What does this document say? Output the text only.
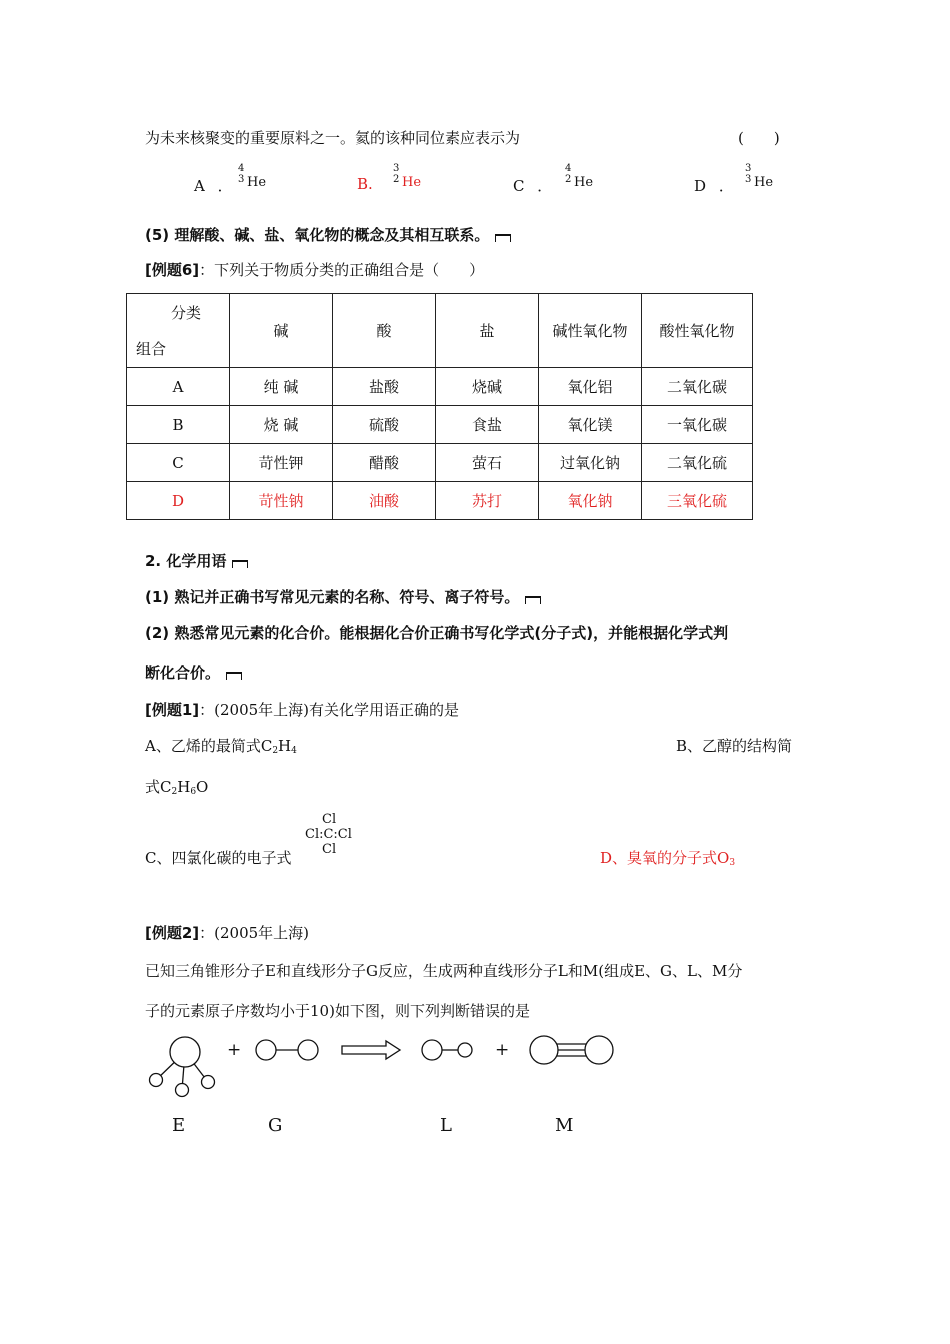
为未来核聚变的重要原料之一。氦的该种同位素应表示为	(　　)
A ．
4
3 He	B.
3
2 He	C ．
4
2 He	D ．
3
3 He
(5) 理解酸、碱、盐、氧化物的概念及其相互联系。
[例题6]：下列关于物质分类的正确组合是（　　）
分类
组合	碱	酸	盐	碱性氧化物	酸性氧化物
A	纯 碱	盐酸	烧碱	氧化铝	二氧化碳
B	烧 碱	硫酸	食盐	氧化镁	一氧化碳
C	苛性钾	醋酸	萤石	过氧化钠	二氧化硫
D	苛性钠	油酸	苏打	氧化钠	三氧化硫
2. 化学用语
(1) 熟记并正确书写常见元素的名称、符号、离子符号。
(2) 熟悉常见元素的化合价。能根据化合价正确书写化学式(分子式)，并能根据化学式判
断化合价。
[例题1]：(2005年上海)有关化学用语正确的是
A、乙烯的最简式$C_2H_4$	B、乙醇的结构简
式$C_2H_6O$
C、四氯化碳的电子式
Cl
Cl:C:Cl
Cl	D、臭氧的分子式$O_3$
[例题2]：(2005年上海)
已知三角锥形分子E和直线形分子G反应，生成两种直线形分子L和M(组成E、G、L、M分
子的元素原子序数均小于10)如下图，则下列判断错误的是
+	+
E	G	L	M
